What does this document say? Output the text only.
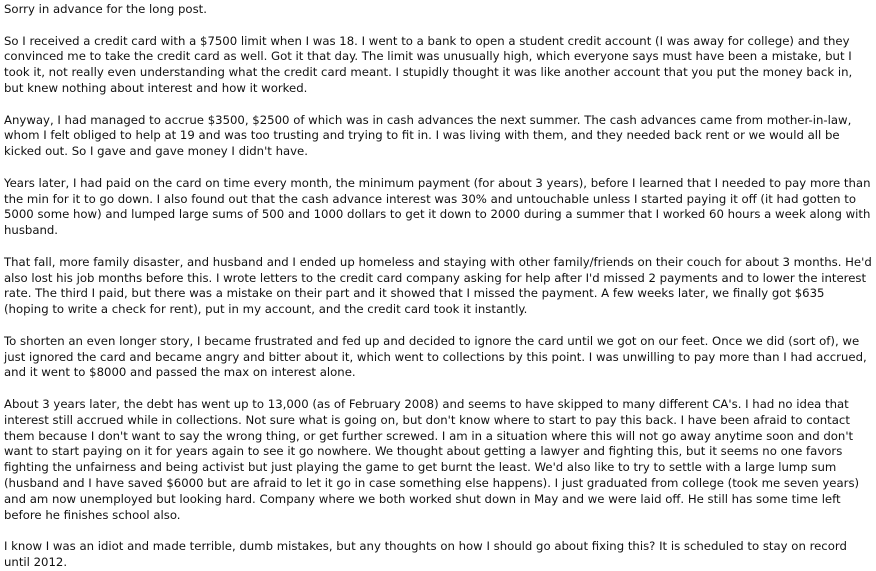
Sorry in advance for the long post.

So I received a credit card with a $7500 limit when I was 18. I went to a bank to open a student credit account (I was away for college) and they convinced me to take the credit card as well. Got it that day. The limit was unusually high, which everyone says must have been a mistake, but I took it, not really even understanding what the credit card meant. I stupidly thought it was like another account that you put the money back in, but knew nothing about interest and how it worked.

Anyway, I had managed to accrue $3500, $2500 of which was in cash advances the next summer. The cash advances came from mother-in-law, whom I felt obliged to help at 19 and was too trusting and trying to fit in. I was living with them, and they needed back rent or we would all be kicked out. So I gave and gave money I didn't have.

Years later, I had paid on the card on time every month, the minimum payment (for about 3 years), before I learned that I needed to pay more than the min for it to go down. I also found out that the cash advance interest was 30% and untouchable unless I started paying it off (it had gotten to 5000 some how) and lumped large sums of 500 and 1000 dollars to get it down to 2000 during a summer that I worked 60 hours a week along with husband.

That fall, more family disaster, and husband and I ended up homeless and staying with other family/friends on their couch for about 3 months. He'd also lost his job months before this. I wrote letters to the credit card company asking for help after I'd missed 2 payments and to lower the interest rate. The third I paid, but there was a mistake on their part and it showed that I missed the payment. A few weeks later, we finally got $635 (hoping to write a check for rent), put in my account, and the credit card took it instantly.

To shorten an even longer story, I became frustrated and fed up and decided to ignore the card until we got on our feet. Once we did (sort of), we just ignored the card and became angry and bitter about it, which went to collections by this point. I was unwilling to pay more than I had accrued, and it went to $8000 and passed the max on interest alone.

About 3 years later, the debt has went up to 13,000 (as of February 2008) and seems to have skipped to many different CA's. I had no idea that interest still accrued while in collections. Not sure what is going on, but don't know where to start to pay this back. I have been afraid to contact them because I don't want to say the wrong thing, or get further screwed. I am in a situation where this will not go away anytime soon and don't want to start paying on it for years again to see it go nowhere. We thought about getting a lawyer and fighting this, but it seems no one favors fighting the unfairness and being activist but just playing the game to get burnt the least. We'd also like to try to settle with a large lump sum (husband and I have saved $6000 but are afraid to let it go in case something else happens). I just graduated from college (took me seven years) and am now unemployed but looking hard. Company where we both worked shut down in May and we were laid off. He still has some time left before he finishes school also.

I know I was an idiot and made terrible, dumb mistakes, but any thoughts on how I should go about fixing this? It is scheduled to stay on record until 2012.
